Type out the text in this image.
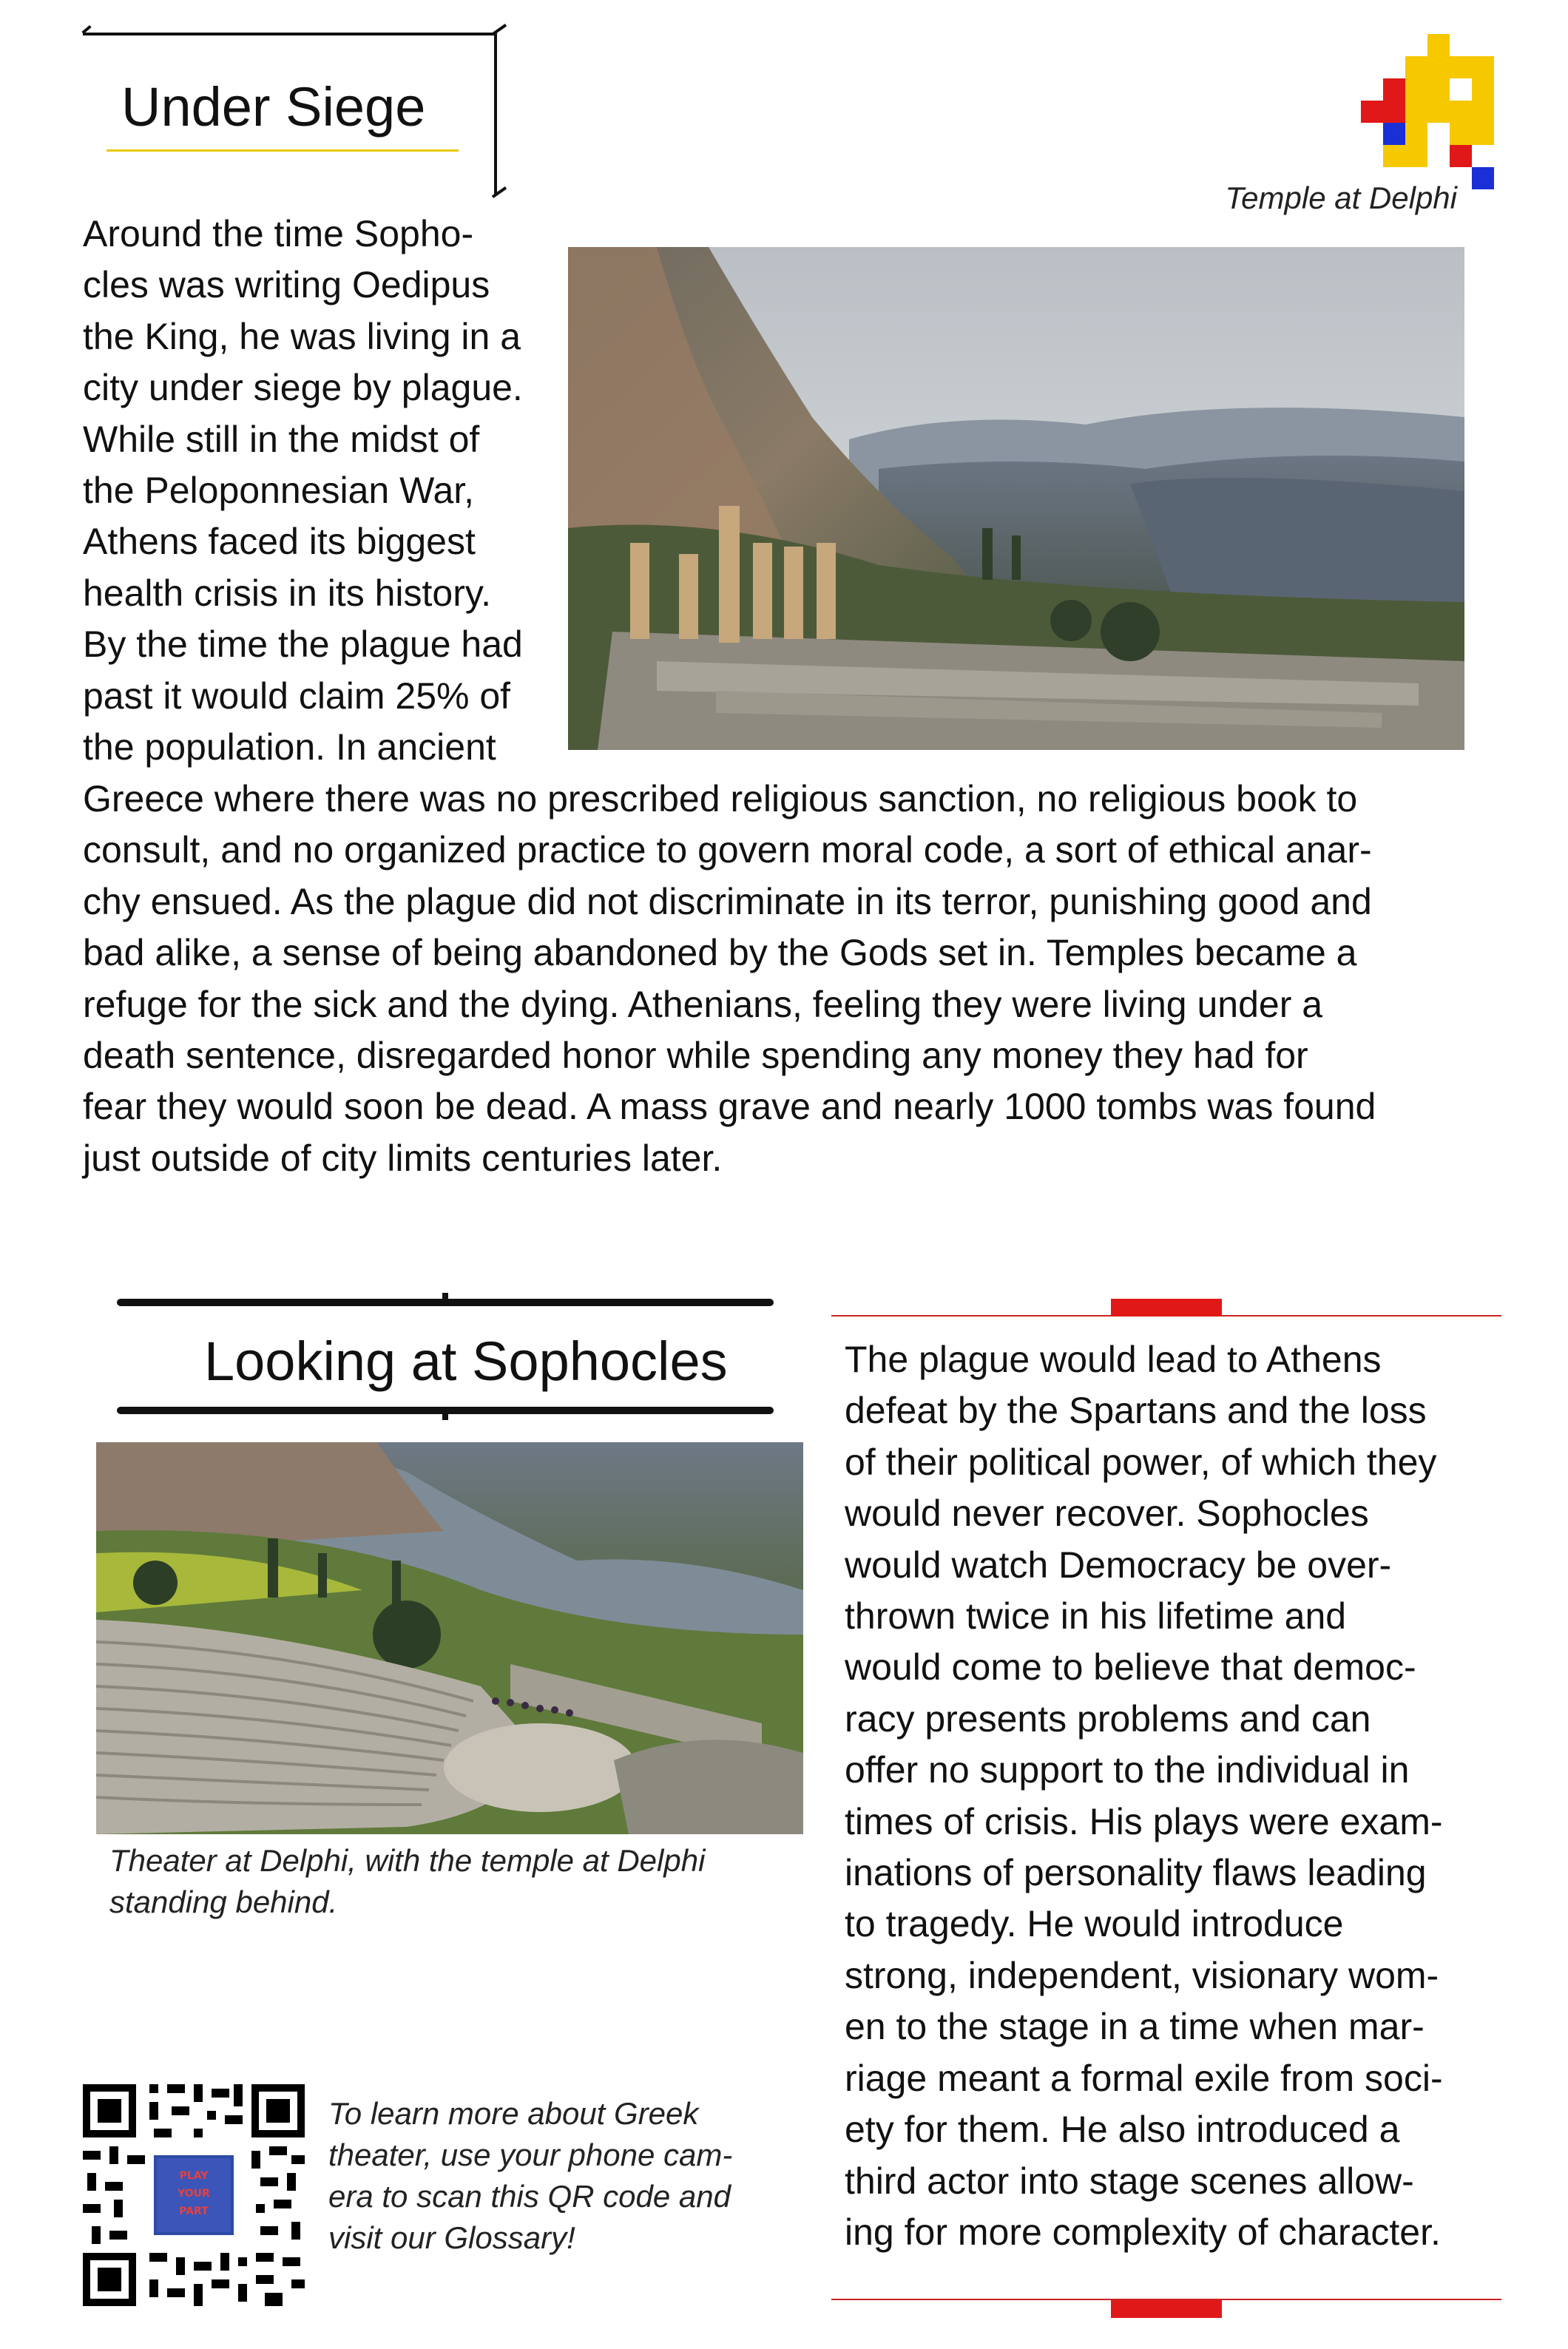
Under Siege
Temple at Delphi
Around the time Sopho-
cles was writing Oedipus
the King, he was living in a
city under siege by plague.
While still in the midst of
the Peloponnesian War,
Athens faced its biggest
health crisis in its history.
By the time the plague had
past it would claim 25% of
the population. In ancient
Greece where there was no prescribed religious sanction, no religious book to
consult, and no organized practice to govern moral code, a sort of ethical anar-
chy ensued. As the plague did not discriminate in its terror, punishing good and
bad alike, a sense of being abandoned by the Gods set in. Temples became a
refuge for the sick and the dying. Athenians, feeling they were living under a
death sentence, disregarded honor while spending any money they had for
fear they would soon be dead. A mass grave and nearly 1000 tombs was found
just outside of city limits centuries later.
Looking at Sophocles
Theater at Delphi, with the temple at Delphi
standing behind.
The plague would lead to Athens
defeat by the Spartans and the loss
of their political power, of which they
would never recover. Sophocles
would watch Democracy be over-
thrown twice in his lifetime and
would come to believe that democ-
racy presents problems and can
offer no support to the individual in
times of crisis. His plays were exam-
inations of personality flaws leading
to tragedy. He would introduce
strong, independent, visionary wom-
en to the stage in a time when mar-
riage meant a formal exile from soci-
ety for them. He also introduced a
third actor into stage scenes allow-
ing for more complexity of character.
PLAY
YOUR
PART
To learn more about Greek
theater, use your phone cam-
era to scan this QR code and
visit our Glossary!
